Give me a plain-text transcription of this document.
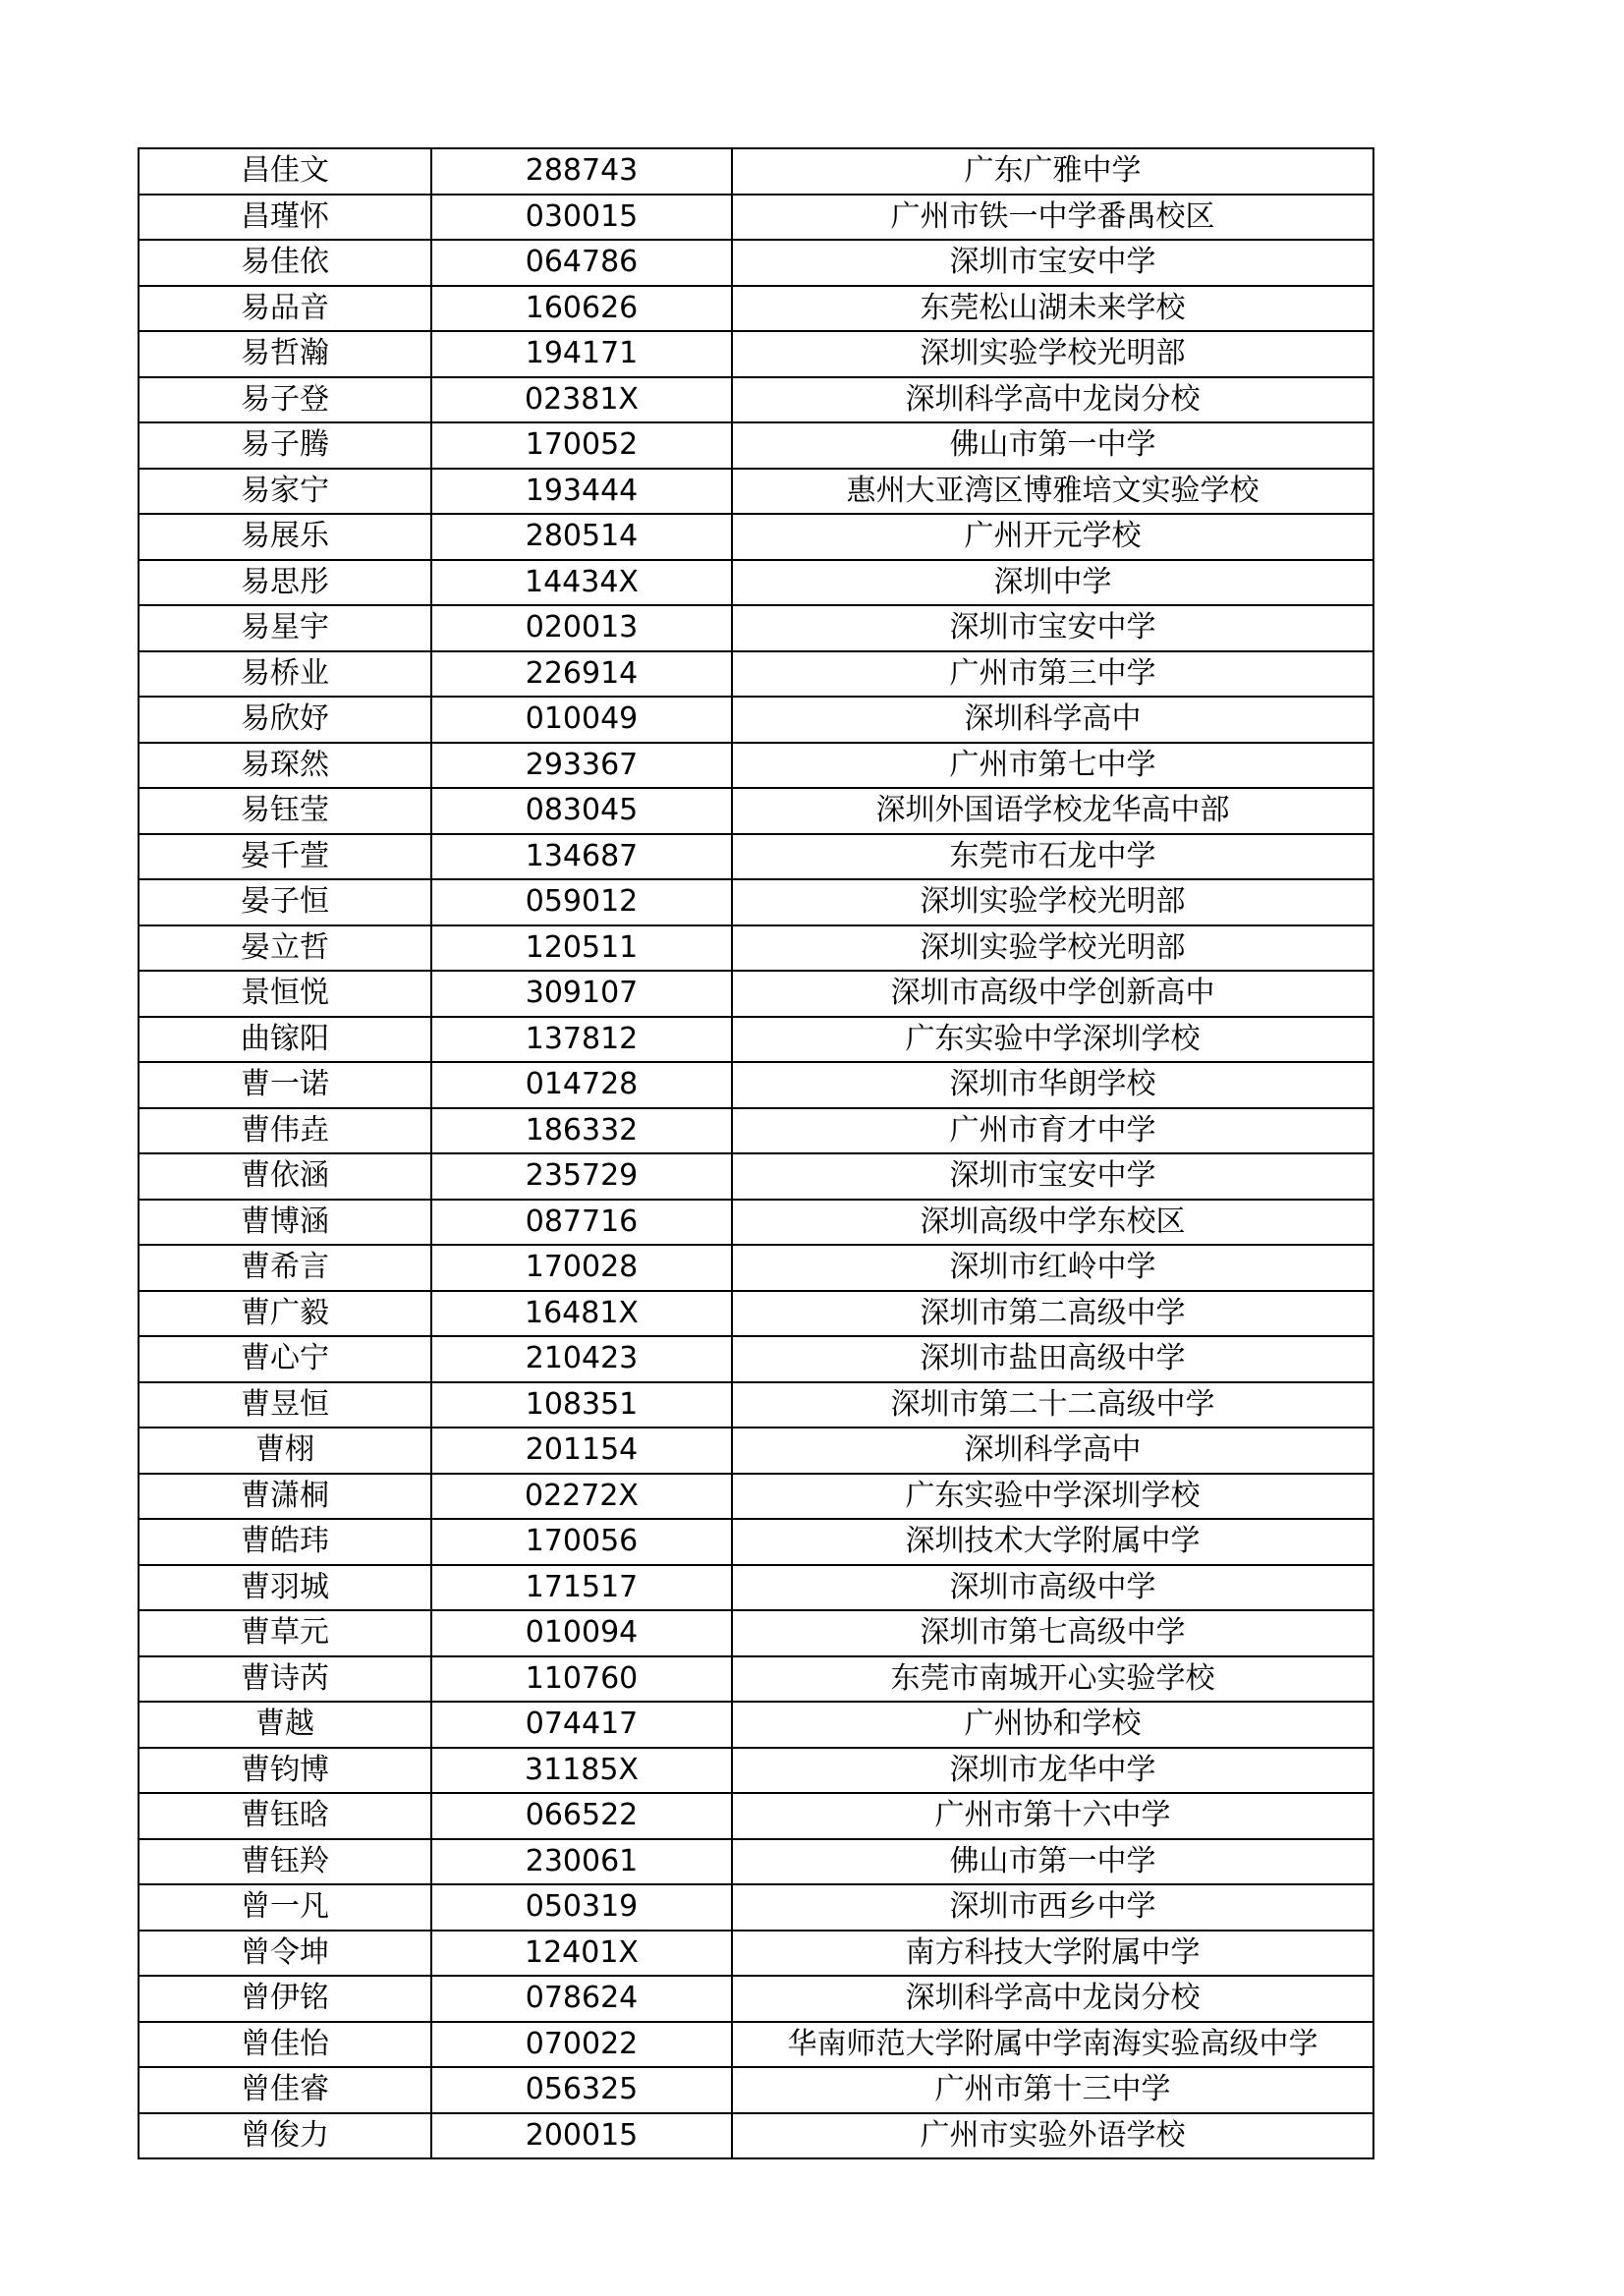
昌佳文	288743	广东广雅中学
昌瑾怀	030015	广州市铁一中学番禺校区
易佳依	064786	深圳市宝安中学
易品音	160626	东莞松山湖未来学校
易哲瀚	194171	深圳实验学校光明部
易子登	02381X	深圳科学高中龙岗分校
易子腾	170052	佛山市第一中学
易家宁	193444	惠州大亚湾区博雅培文实验学校
易展乐	280514	广州开元学校
易思彤	14434X	深圳中学
易星宇	020013	深圳市宝安中学
易桥业	226914	广州市第三中学
易欣妤	010049	深圳科学高中
易琛然	293367	广州市第七中学
易钰莹	083045	深圳外国语学校龙华高中部
晏千萱	134687	东莞市石龙中学
晏子恒	059012	深圳实验学校光明部
晏立哲	120511	深圳实验学校光明部
景恒悦	309107	深圳市高级中学创新高中
曲镓阳	137812	广东实验中学深圳学校
曹一诺	014728	深圳市华朗学校
曹伟垚	186332	广州市育才中学
曹依涵	235729	深圳市宝安中学
曹博涵	087716	深圳高级中学东校区
曹希言	170028	深圳市红岭中学
曹广毅	16481X	深圳市第二高级中学
曹心宁	210423	深圳市盐田高级中学
曹昱恒	108351	深圳市第二十二高级中学
曹栩	201154	深圳科学高中
曹潇桐	02272X	广东实验中学深圳学校
曹皓玮	170056	深圳技术大学附属中学
曹羽城	171517	深圳市高级中学
曹草元	010094	深圳市第七高级中学
曹诗芮	110760	东莞市南城开心实验学校
曹越	074417	广州协和学校
曹钧博	31185X	深圳市龙华中学
曹钰晗	066522	广州市第十六中学
曹钰羚	230061	佛山市第一中学
曾一凡	050319	深圳市西乡中学
曾令坤	12401X	南方科技大学附属中学
曾伊铭	078624	深圳科学高中龙岗分校
曾佳怡	070022	华南师范大学附属中学南海实验高级中学
曾佳睿	056325	广州市第十三中学
曾俊力	200015	广州市实验外语学校
